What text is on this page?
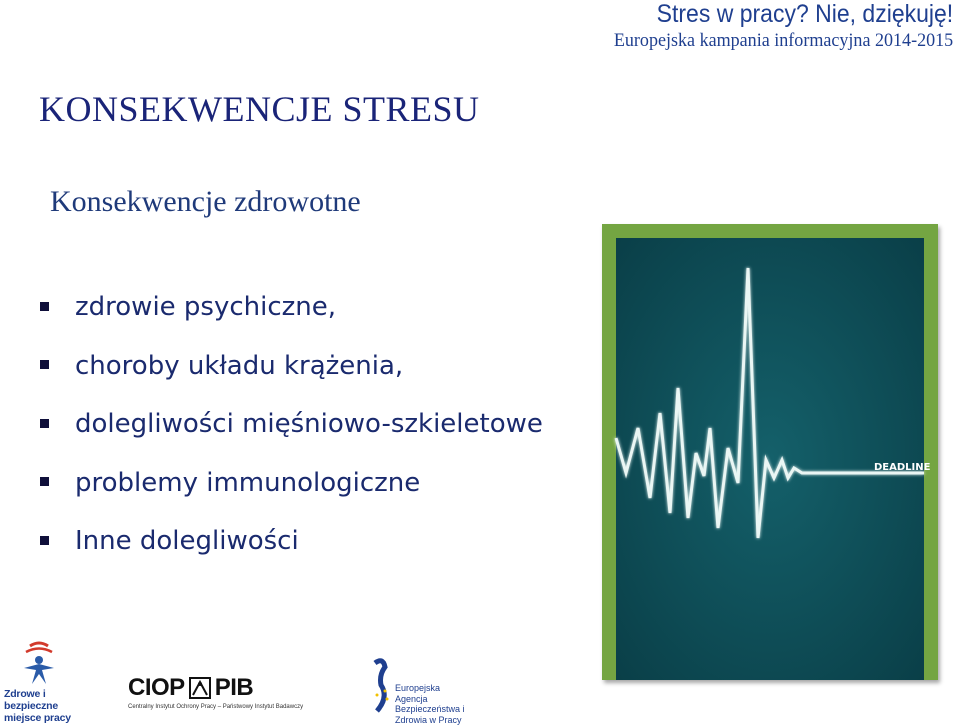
Stres w pracy? Nie, dziękuję!
Europejska kampania informacyjna 2014-2015
KONSEKWENCJE STRESU
Konsekwencje zdrowotne
zdrowie psychiczne,
choroby układu krążenia,
dolegliwości mięśniowo-szkieletowe
problemy immunologiczne
Inne dolegliwości
DEADLINE
Zdrowe i bezpieczne miejsce pracy
CIOP PIB
Centralny Instytut Ochrony Pracy – Państwowy Instytut Badawczy
Europejska Agencja Bezpieczeństwa i Zdrowia w Pracy
